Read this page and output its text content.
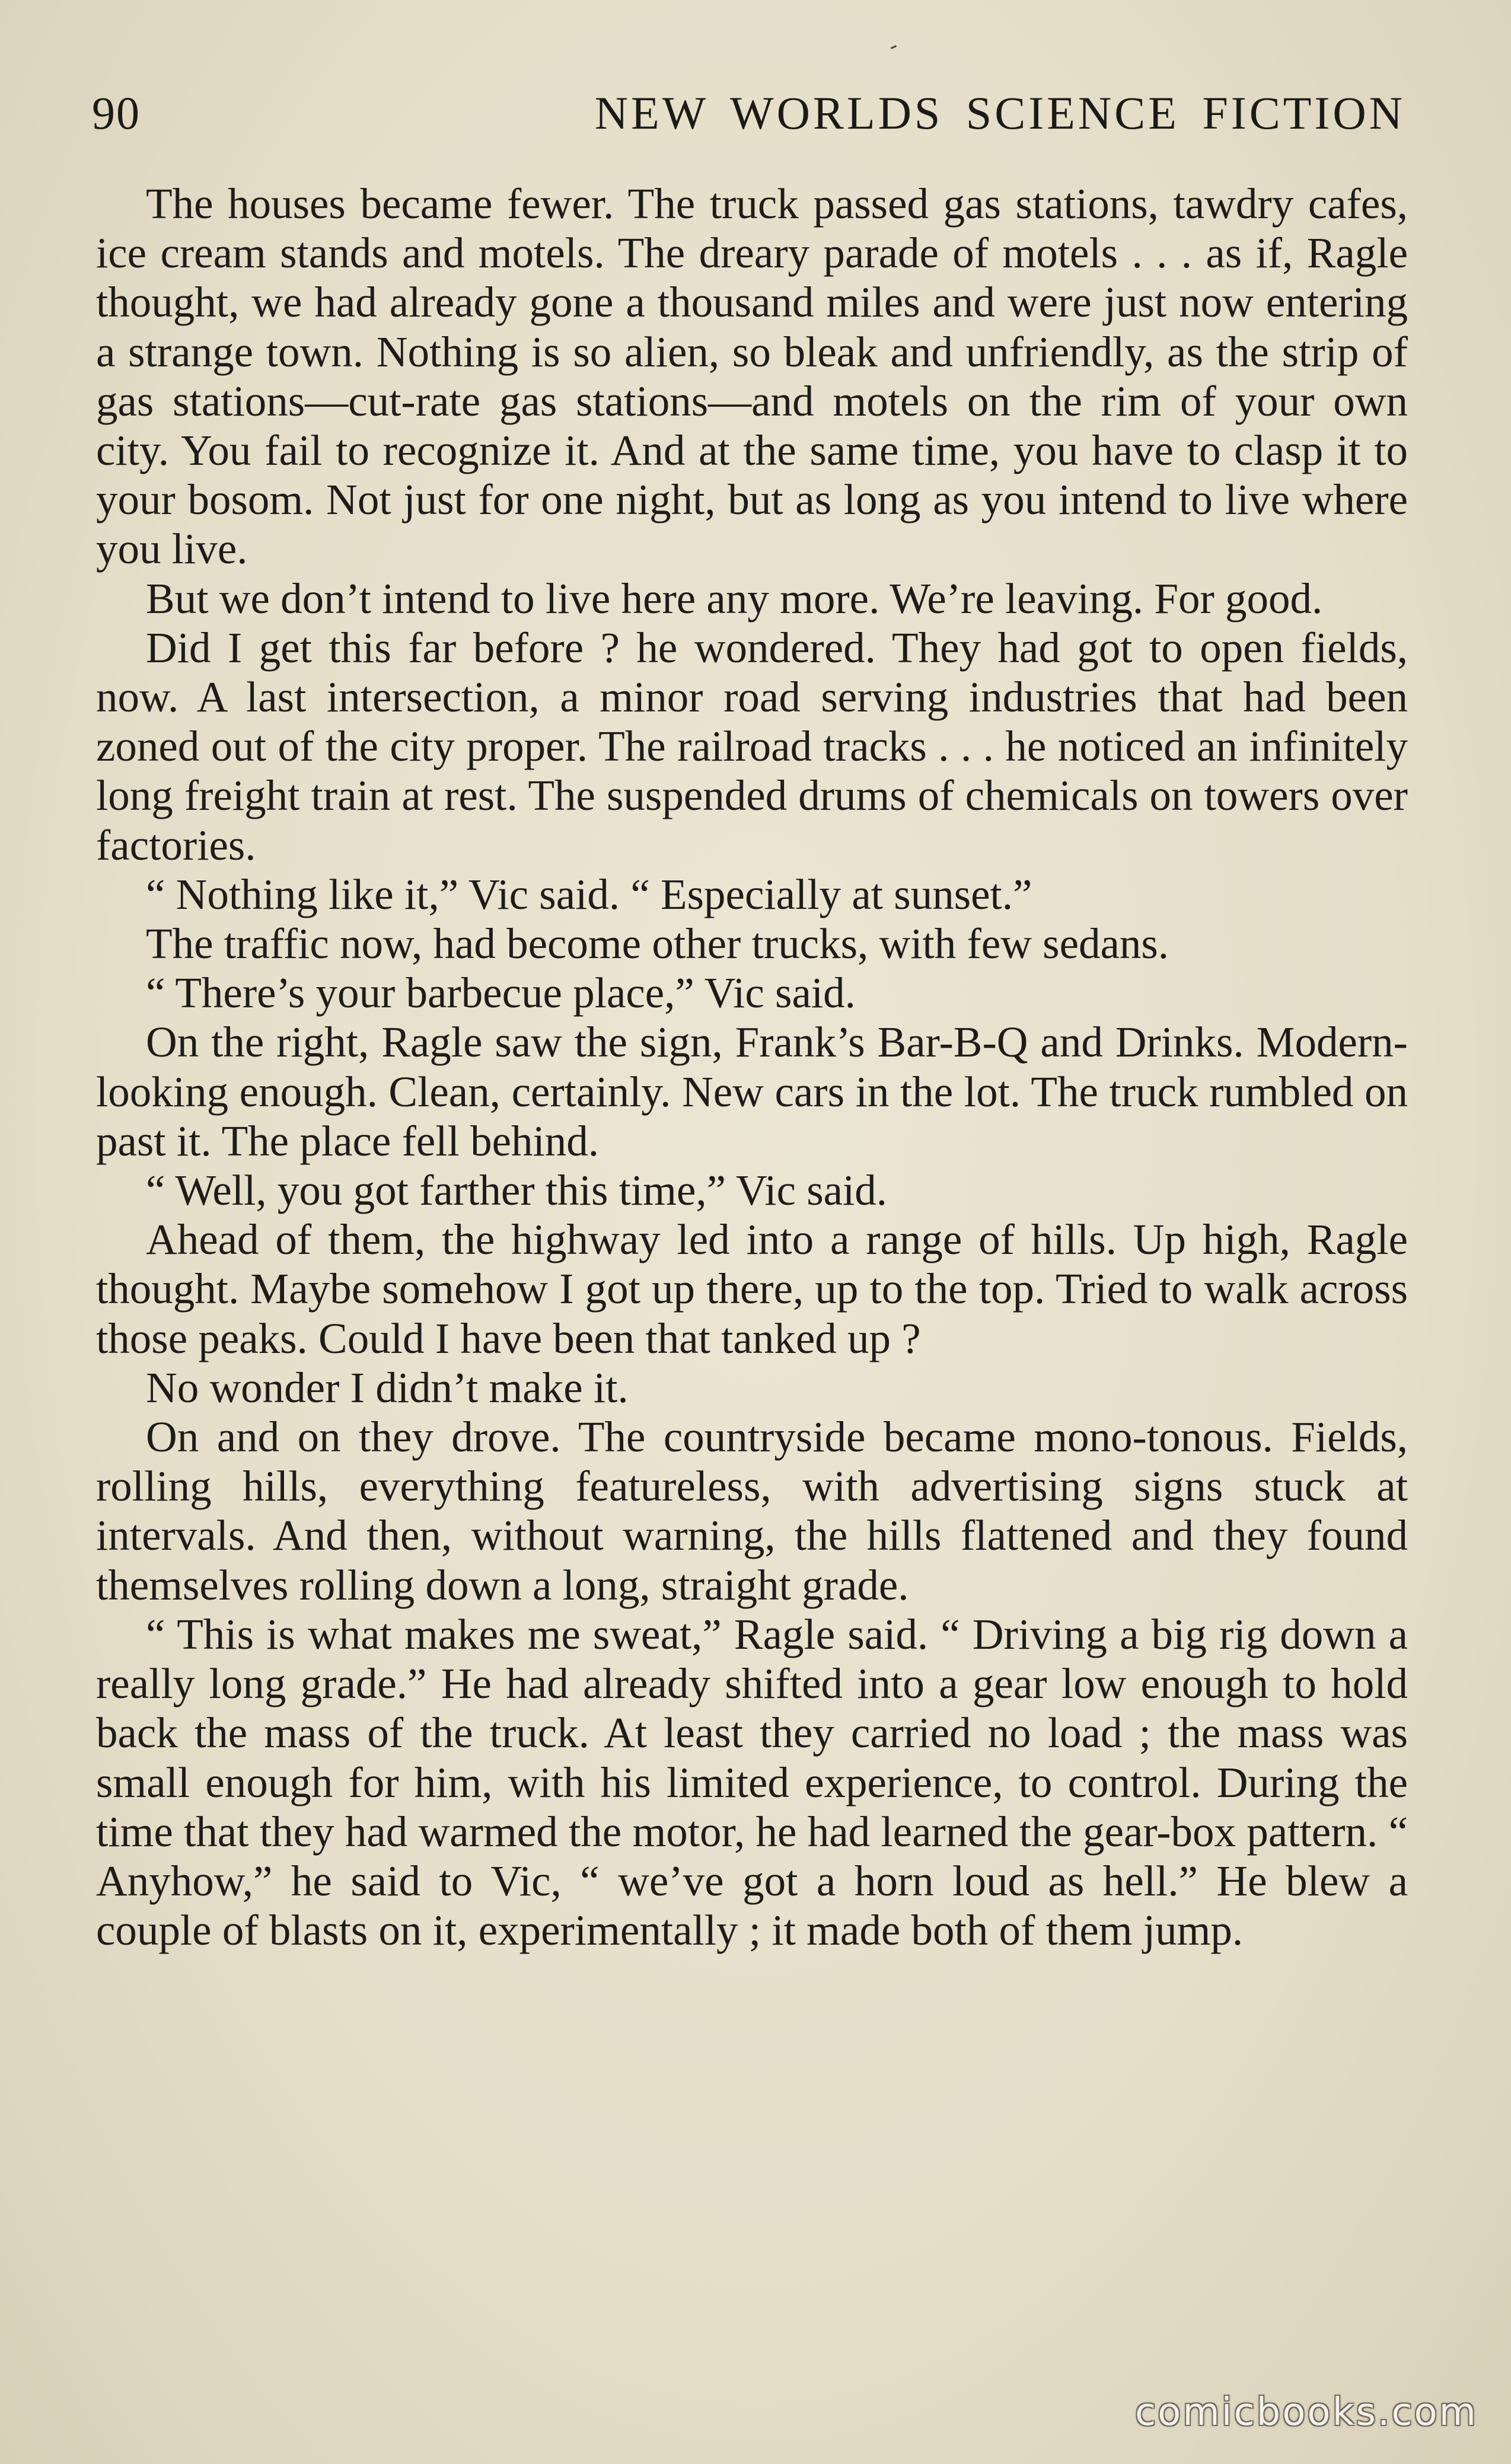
90	NEW WORLDS SCIENCE FICTION

The houses became fewer. The truck passed gas stations, tawdry cafes, ice cream stands and motels. The dreary parade of motels . . . as if, Ragle thought, we had already gone a thousand miles and were just now entering a strange town. Nothing is so alien, so bleak and unfriendly, as the strip of gas stations—cut-rate gas stations—and motels on the rim of your own city. You fail to recognize it. And at the same time, you have to clasp it to your bosom. Not just for one night, but as long as you intend to live where you live.

But we don’t intend to live here any more. We’re leaving. For good.

Did I get this far before ? he wondered. They had got to open fields, now. A last intersection, a minor road serving industries that had been zoned out of the city proper. The railroad tracks . . . he noticed an infinitely long freight train at rest. The suspended drums of chemicals on towers over factories.

“ Nothing like it,” Vic said. “ Especially at sunset.”

The traffic now, had become other trucks, with few sedans.

“ There’s your barbecue place,” Vic said.

On the right, Ragle saw the sign, Frank’s Bar-B-Q and Drinks. Modern-looking enough. Clean, certainly. New cars in the lot. The truck rumbled on past it. The place fell behind.

“ Well, you got farther this time,” Vic said.

Ahead of them, the highway led into a range of hills. Up high, Ragle thought. Maybe somehow I got up there, up to the top. Tried to walk across those peaks. Could I have been that tanked up ?

No wonder I didn’t make it.

On and on they drove. The countryside became mono-tonous. Fields, rolling hills, everything featureless, with advertising signs stuck at intervals. And then, without warning, the hills flattened and they found themselves rolling down a long, straight grade.

“ This is what makes me sweat,” Ragle said. “ Driving a big rig down a really long grade.” He had already shifted into a gear low enough to hold back the mass of the truck. At least they carried no load ; the mass was small enough for him, with his limited experience, to control. During the time that they had warmed the motor, he had learned the gear-box pattern. “ Anyhow,” he said to Vic, “ we’ve got a horn loud as hell.” He blew a couple of blasts on it, experimentally ; it made both of them jump.

comicbooks.com
